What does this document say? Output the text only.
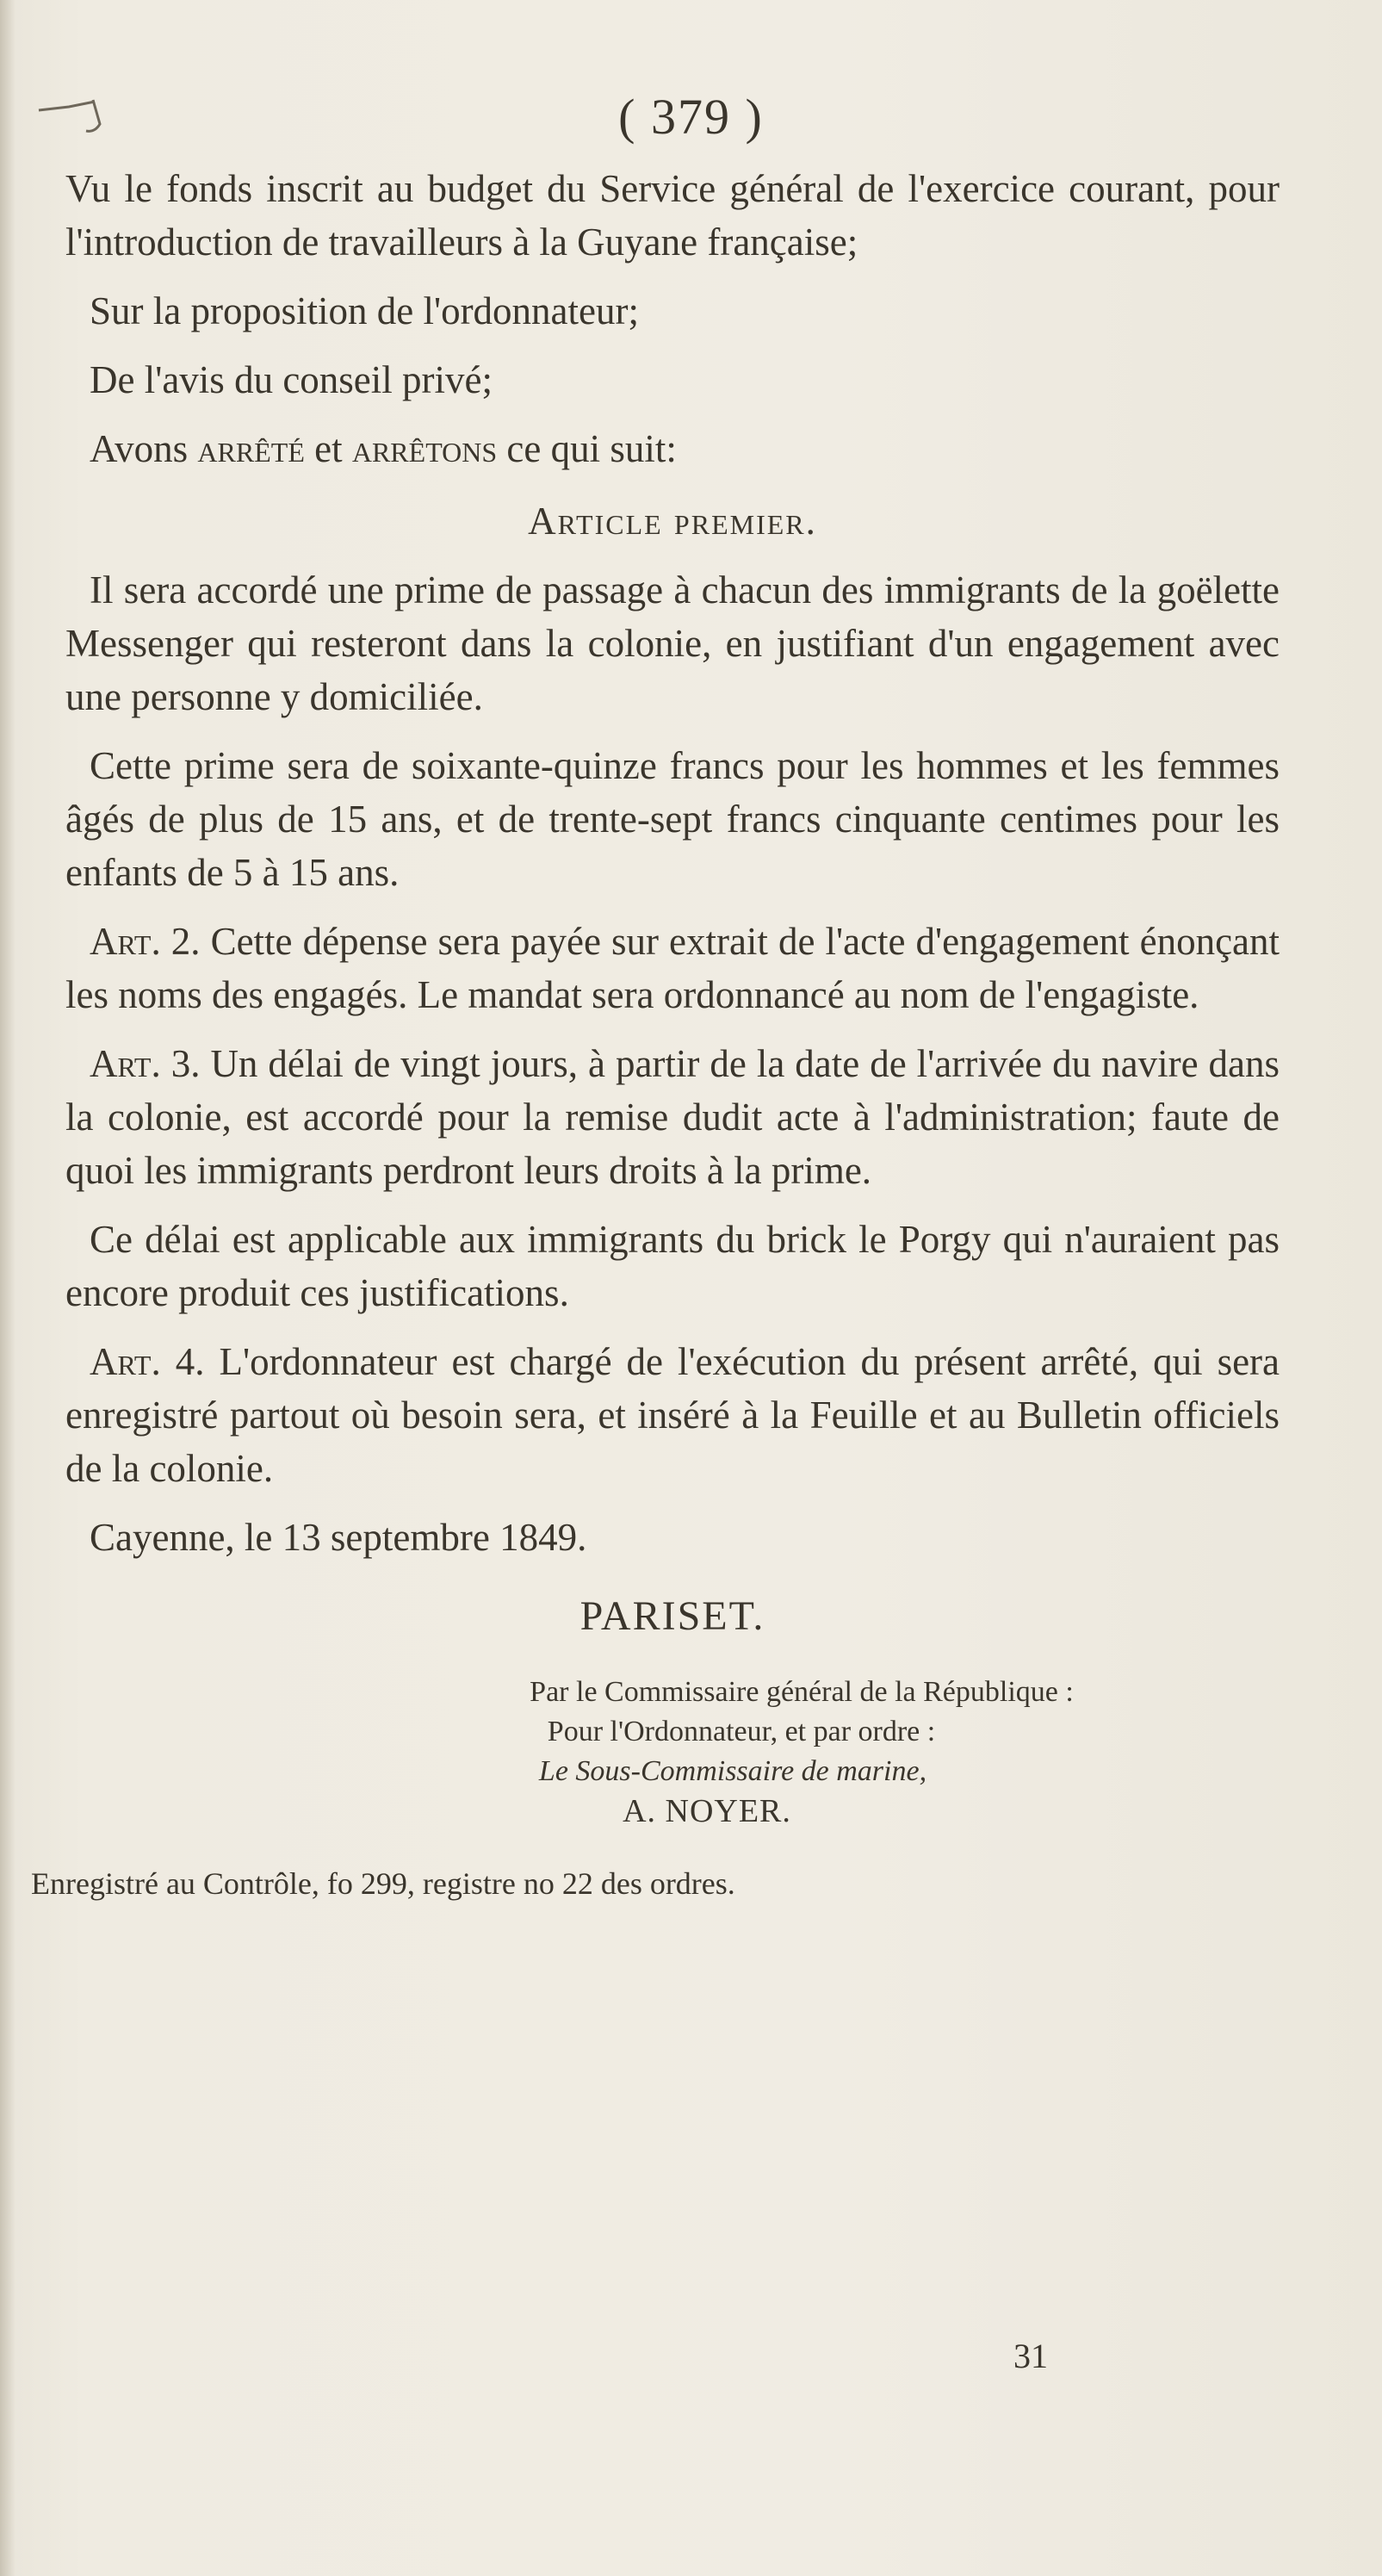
( 379 )

Vu le fonds inscrit au budget du Service général de l'exercice courant, pour l'introduction de travailleurs à la Guyane française;

Sur la proposition de l'ordonnateur;

De l'avis du conseil privé;

Avons arrêté et arrêtons ce qui suit:

Article premier.

Il sera accordé une prime de passage à chacun des immigrants de la goëlette Messenger qui resteront dans la colonie, en justifiant d'un engagement avec une personne y domiciliée.

Cette prime sera de soixante-quinze francs pour les hommes et les femmes âgés de plus de 15 ans, et de trente-sept francs cinquante centimes pour les enfants de 5 à 15 ans.

Art. 2. Cette dépense sera payée sur extrait de l'acte d'engagement énonçant les noms des engagés. Le mandat sera ordonnancé au nom de l'engagiste.

Art. 3. Un délai de vingt jours, à partir de la date de l'arrivée du navire dans la colonie, est accordé pour la remise dudit acte à l'administration; faute de quoi les immigrants perdront leurs droits à la prime.

Ce délai est applicable aux immigrants du brick le Porgy qui n'auraient pas encore produit ces justifications.

Art. 4. L'ordonnateur est chargé de l'exécution du présent arrêté, qui sera enregistré partout où besoin sera, et inséré à la Feuille et au Bulletin officiels de la colonie.

Cayenne, le 13 septembre 1849.

PARISET.

Par le Commissaire général de la République :
Pour l'Ordonnateur, et par ordre :
Le Sous-Commissaire de marine,
A. NOYER.

Enregistré au Contrôle, fo 299, registre no 22 des ordres.

31
